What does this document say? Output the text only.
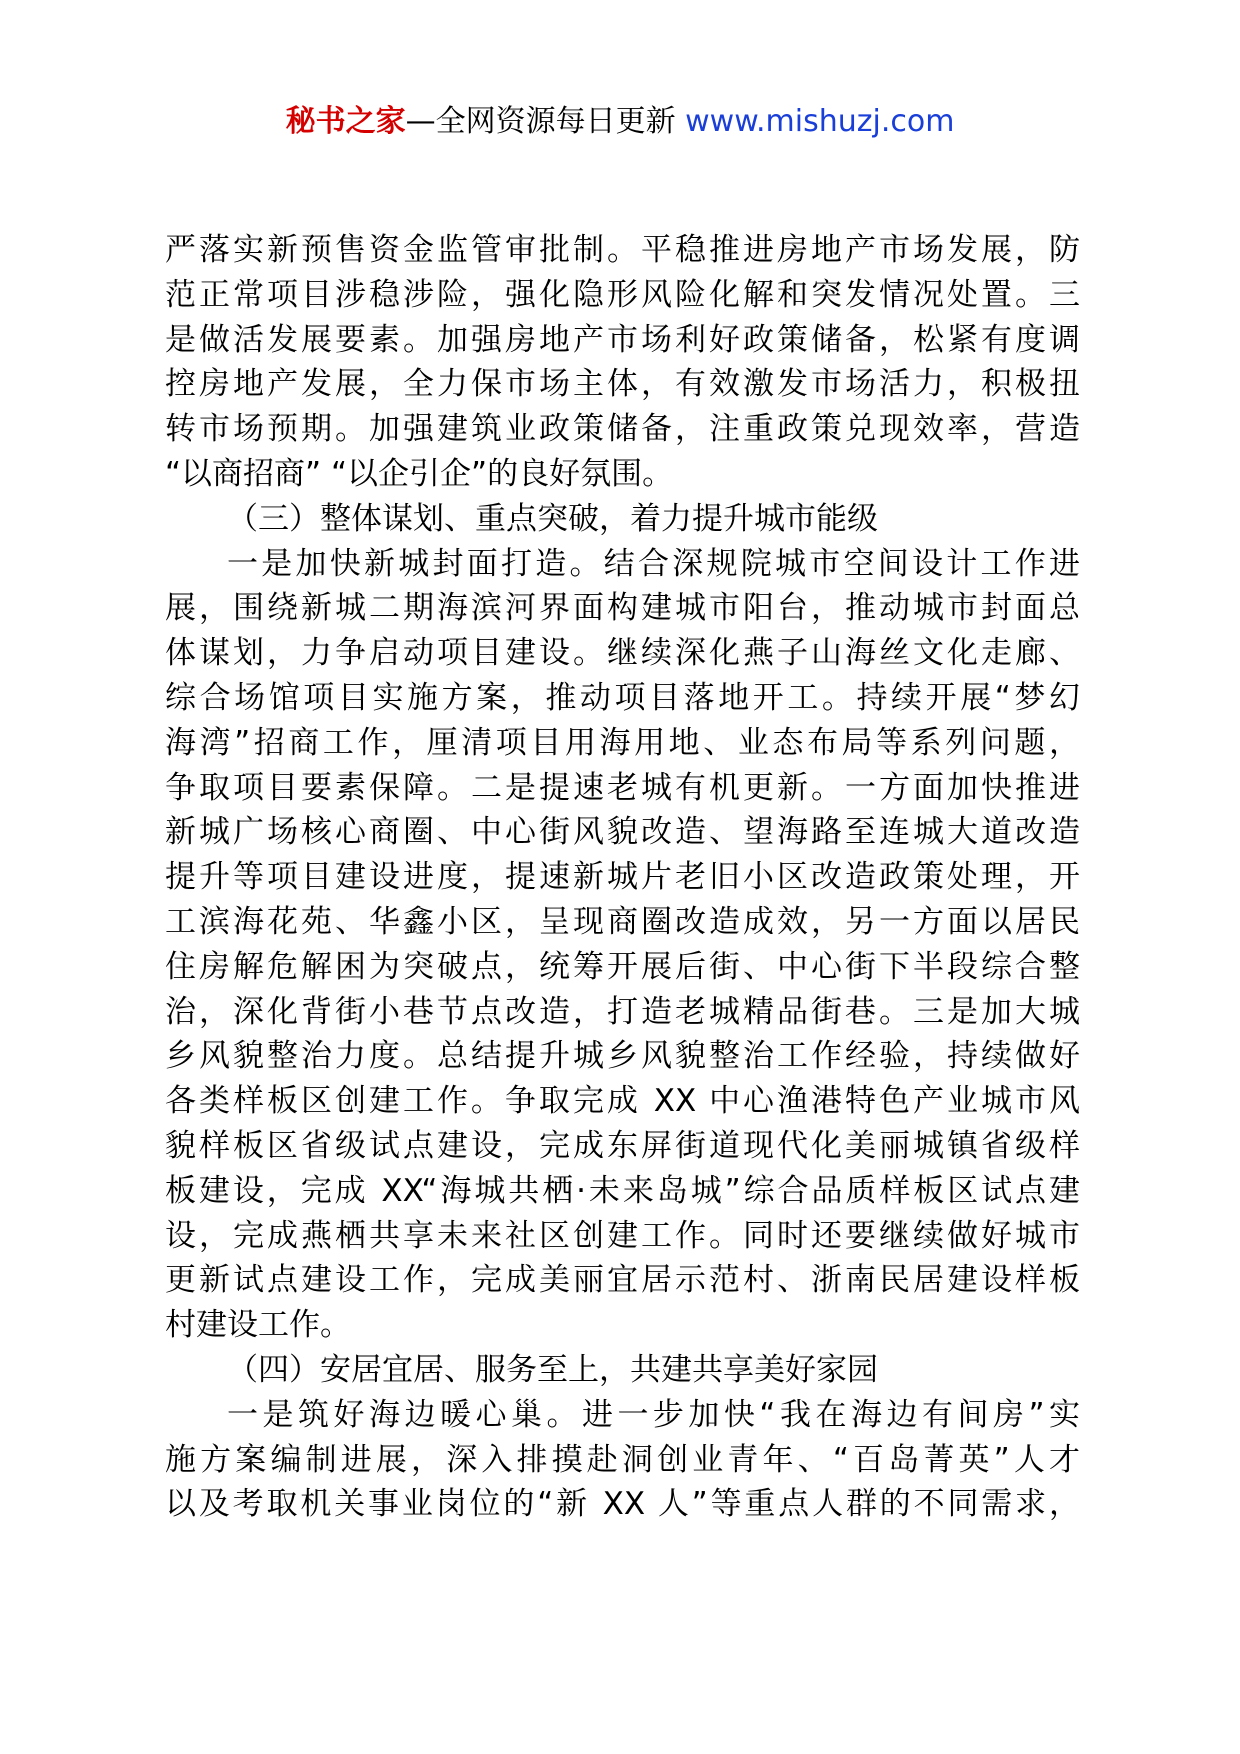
秘书之家—全网资源每日更新 www.mishuzj.com
严落实新预售资金监管审批制。平稳推进房地产市场发展，防
范正常项目涉稳涉险，强化隐形风险化解和突发情况处置。三
是做活发展要素。加强房地产市场利好政策储备，松紧有度调
控房地产发展，全力保市场主体，有效激发市场活力，积极扭
转市场预期。加强建筑业政策储备，注重政策兑现效率，营造
“以商招商” “以企引企”的良好氛围。
（三）整体谋划、重点突破，着力提升城市能级
一是加快新城封面打造。结合深规院城市空间设计工作进
展，围绕新城二期海滨河界面构建城市阳台，推动城市封面总
体谋划，力争启动项目建设。继续深化燕子山海丝文化走廊、
综合场馆项目实施方案，推动项目落地开工。持续开展“梦幻
海湾”招商工作，厘清项目用海用地、业态布局等系列问题，
争取项目要素保障。二是提速老城有机更新。一方面加快推进
新城广场核心商圈、中心街风貌改造、望海路至连城大道改造
提升等项目建设进度，提速新城片老旧小区改造政策处理，开
工滨海花苑、华鑫小区，呈现商圈改造成效，另一方面以居民
住房解危解困为突破点，统筹开展后街、中心街下半段综合整
治，深化背街小巷节点改造，打造老城精品街巷。三是加大城
乡风貌整治力度。总结提升城乡风貌整治工作经验，持续做好
各类样板区创建工作。争取完成 XX 中心渔港特色产业城市风
貌样板区省级试点建设，完成东屏街道现代化美丽城镇省级样
板建设，完成 XX“海城共栖·未来岛城”综合品质样板区试点建
设，完成燕栖共享未来社区创建工作。同时还要继续做好城市
更新试点建设工作，完成美丽宜居示范村、浙南民居建设样板
村建设工作。
（四）安居宜居、服务至上，共建共享美好家园
一是筑好海边暖心巢。进一步加快“我在海边有间房”实
施方案编制进展，深入排摸赴洞创业青年、“百岛菁英”人才
以及考取机关事业岗位的“新 XX 人”等重点人群的不同需求，
